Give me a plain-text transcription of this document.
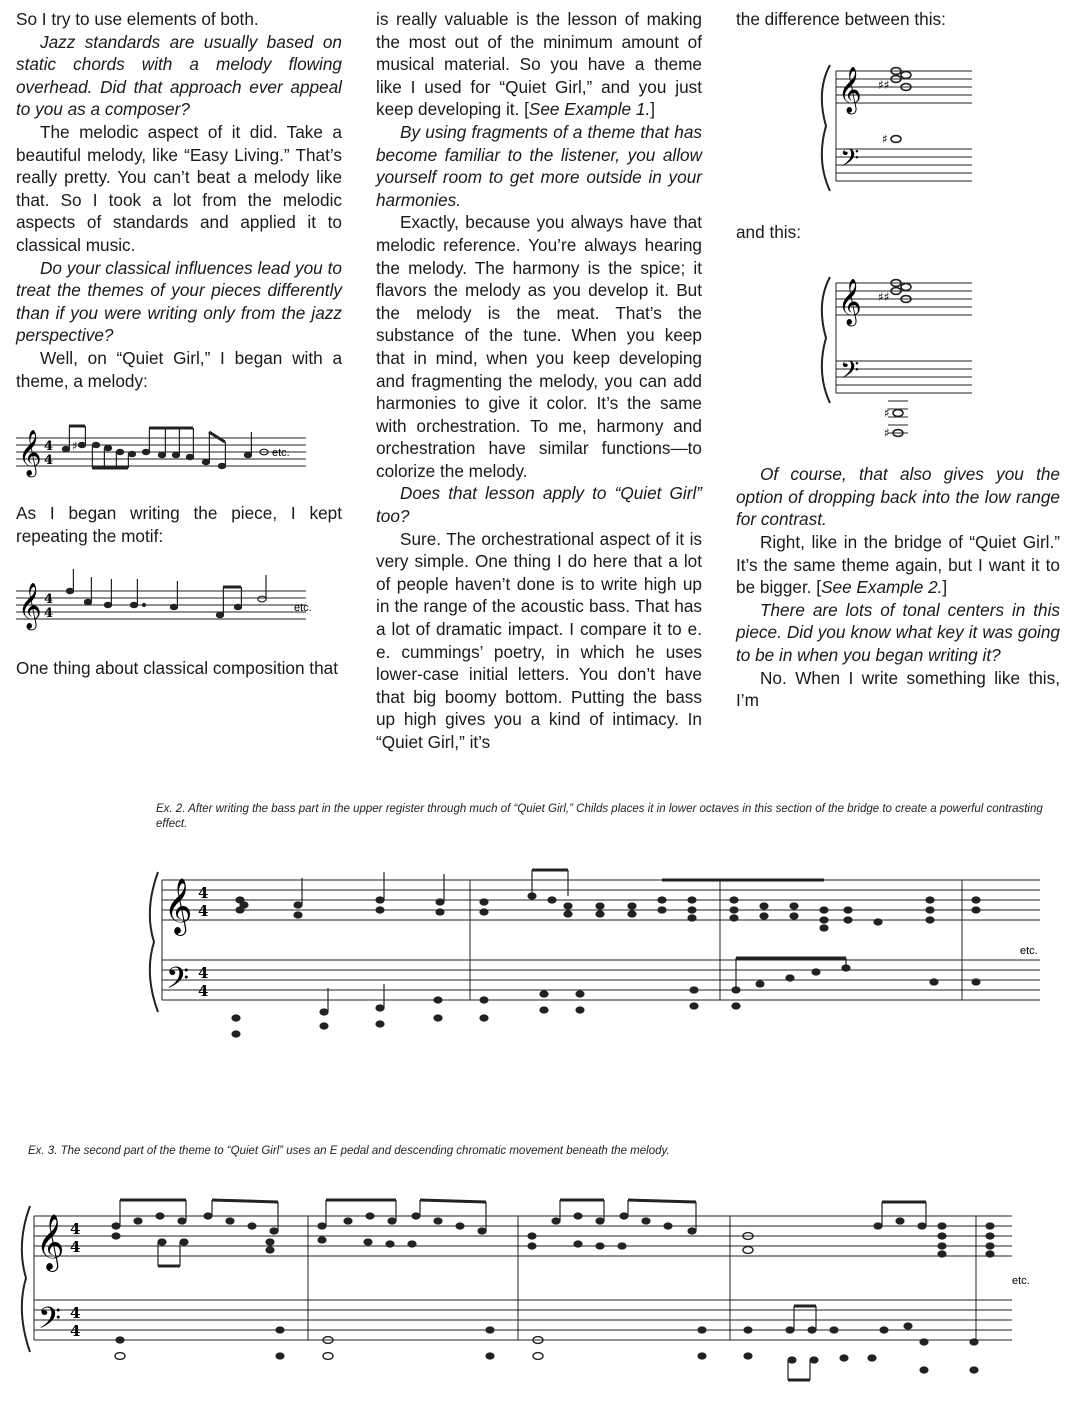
So I try to use elements of both.

Jazz standards are usually based on static chords with a melody flowing overhead. Did that approach ever appeal to you as a composer?

The melodic aspect of it did. Take a beautiful melody, like “Easy Living.” That’s really pretty. You can’t beat a melody like that. So I took a lot from the melodic aspects of standards and applied it to classical music.

Do your classical influences lead you to treat the themes of your pieces differently than if you were writing only from the jazz perspective?

Well, on “Quiet Girl,” I began with a theme, a melody:

𝄞 4
4
♯	etc.

As I began writing the piece, I kept repeating the motif:

𝄞 4
4	etc.

One thing about classical composition that

is really valuable is the lesson of making the most out of the minimum amount of musical material. So you have a theme like I used for “Quiet Girl,” and you just keep developing it. [See Example 1.]

By using fragments of a theme that has become familiar to the listener, you allow yourself room to get more outside in your harmonies.

Exactly, because you always have that melodic reference. You’re always hearing the melody. The harmony is the spice; it flavors the melody as you develop it. But the melody is the meat. That’s the substance of the tune. When you keep that in mind, when you keep developing and fragmenting the melody, you can add harmonies to give it color. It’s the same with orchestration. To me, harmony and orchestration have similar functions—to colorize the melody.

Does that lesson apply to “Quiet Girl” too?

Sure. The orchestrational aspect of it is very simple. One thing I do here that a lot of people haven’t done is to write high up in the range of the acoustic bass. That has a lot of dramatic impact. I compare it to e. e. cummings’ poetry, in which he uses lower-case initial letters. You don’t have that big boomy bottom. Putting the bass up high gives you a kind of intimacy. In “Quiet Girl,” it’s

the difference between this:

𝄞
𝄢
♯♯
♯

and this:

𝄞
𝄢
♯♯
♯
♯

Of course, that also gives you the option of dropping back into the low range for contrast.

Right, like in the bridge of “Quiet Girl.” It’s the same theme again, but I want it to be bigger. [See Example 2.]

There are lots of tonal centers in this piece. Did you know what key it was going to be in when you began writing it?

No. When I write something like this, I’m

Ex. 2. After writing the bass part in the upper register through much of “Quiet Girl,” Childs places it in lower octaves in this section of the bridge to create a powerful contrasting effect.
𝄞
𝄢
4
4
4
4
etc.
Ex. 3. The second part of the theme to “Quiet Girl” uses an E pedal and descending chromatic movement beneath the melody.
𝄞
𝄢
4
4
4
4
etc.
